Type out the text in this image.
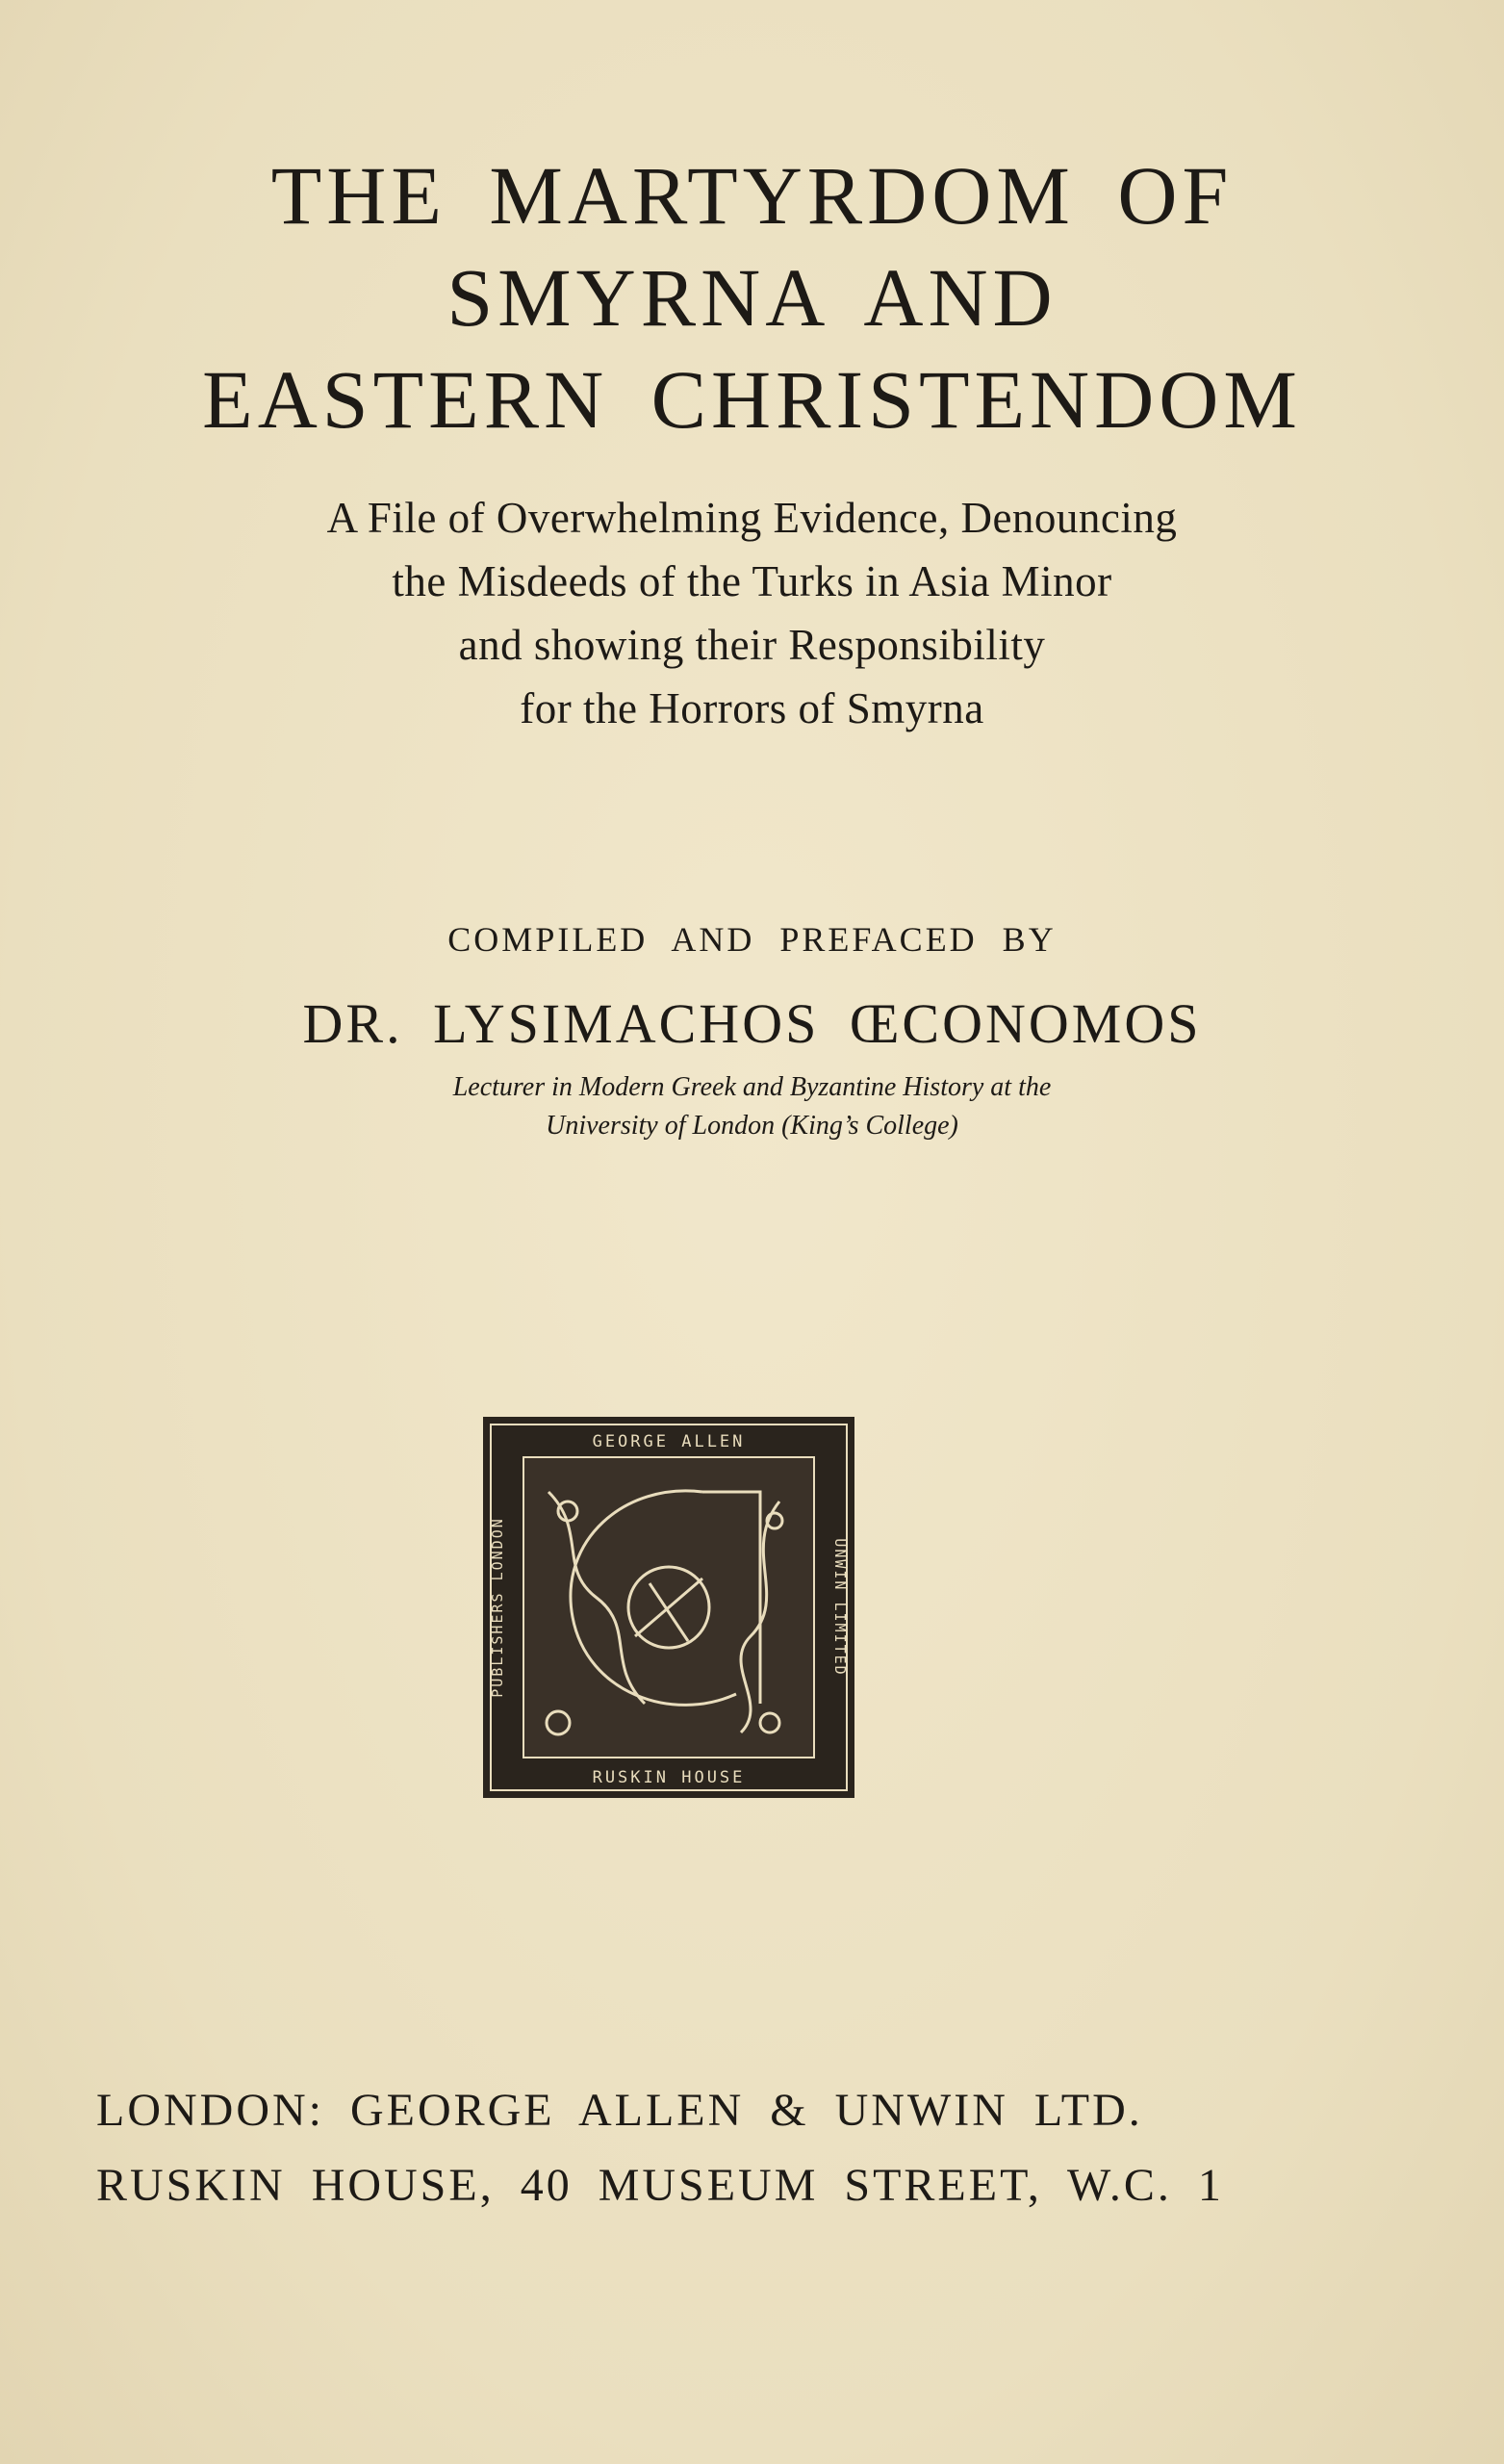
THE MARTYRDOM OF
SMYRNA AND
EASTERN CHRISTENDOM
A File of Overwhelming Evidence, Denouncing
the Misdeeds of the Turks in Asia Minor
and showing their Responsibility
for the Horrors of Smyrna
COMPILED AND PREFACED BY
DR. LYSIMACHOS ŒCONOMOS
Lecturer in Modern Greek and Byzantine History at the
University of London (King’s College)
GEORGE ALLEN
RUSKIN HOUSE
UNWIN LIMITED
PUBLISHERS LONDON
LONDON: GEORGE ALLEN & UNWIN LTD.
RUSKIN HOUSE, 40 MUSEUM STREET, W.C. 1
